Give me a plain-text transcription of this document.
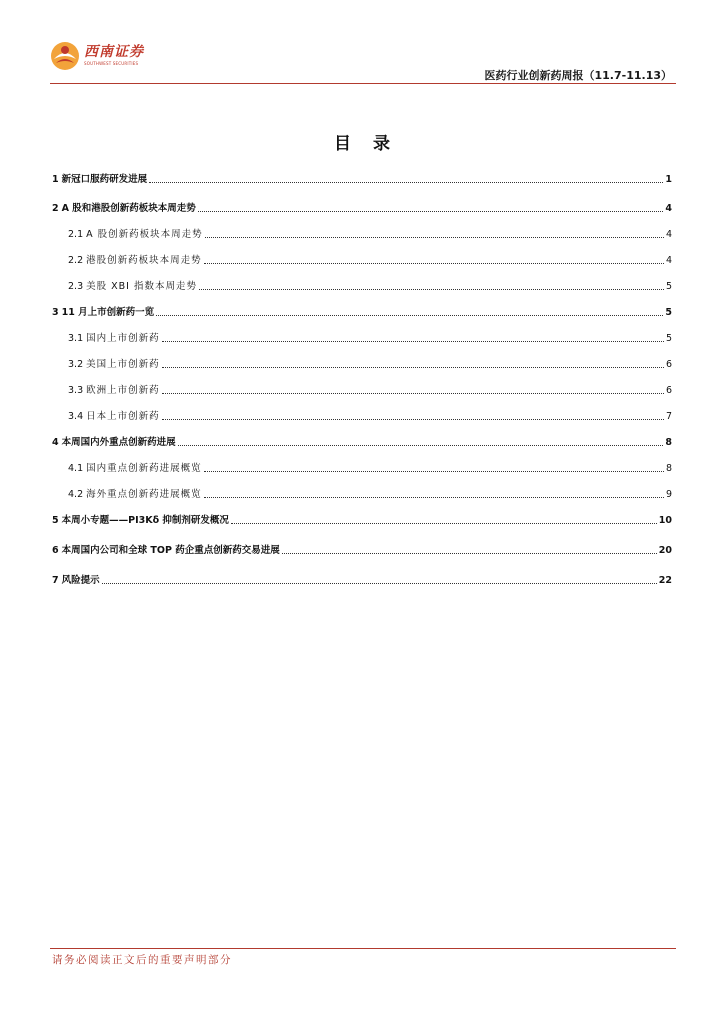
西南证券
SOUTHWEST SECURITIES
医药行业创新药周报（11.7-11.13）
目 录
1 新冠口服药研发进展	1
2 A 股和港股创新药板块本周走势	4
2.1 A 股创新药板块本周走势	4
2.2 港股创新药板块本周走势	4
2.3 美股 XBI 指数本周走势	5
3 11 月上市创新药一览	5
3.1 国内上市创新药	5
3.2 美国上市创新药	6
3.3 欧洲上市创新药	6
3.4 日本上市创新药	7
4 本周国内外重点创新药进展	8
4.1 国内重点创新药进展概览	8
4.2 海外重点创新药进展概览	9
5 本周小专题——PI3Kδ 抑制剂研发概况	10
6 本周国内公司和全球 TOP 药企重点创新药交易进展	20
7 风险提示	22
请务必阅读正文后的重要声明部分
